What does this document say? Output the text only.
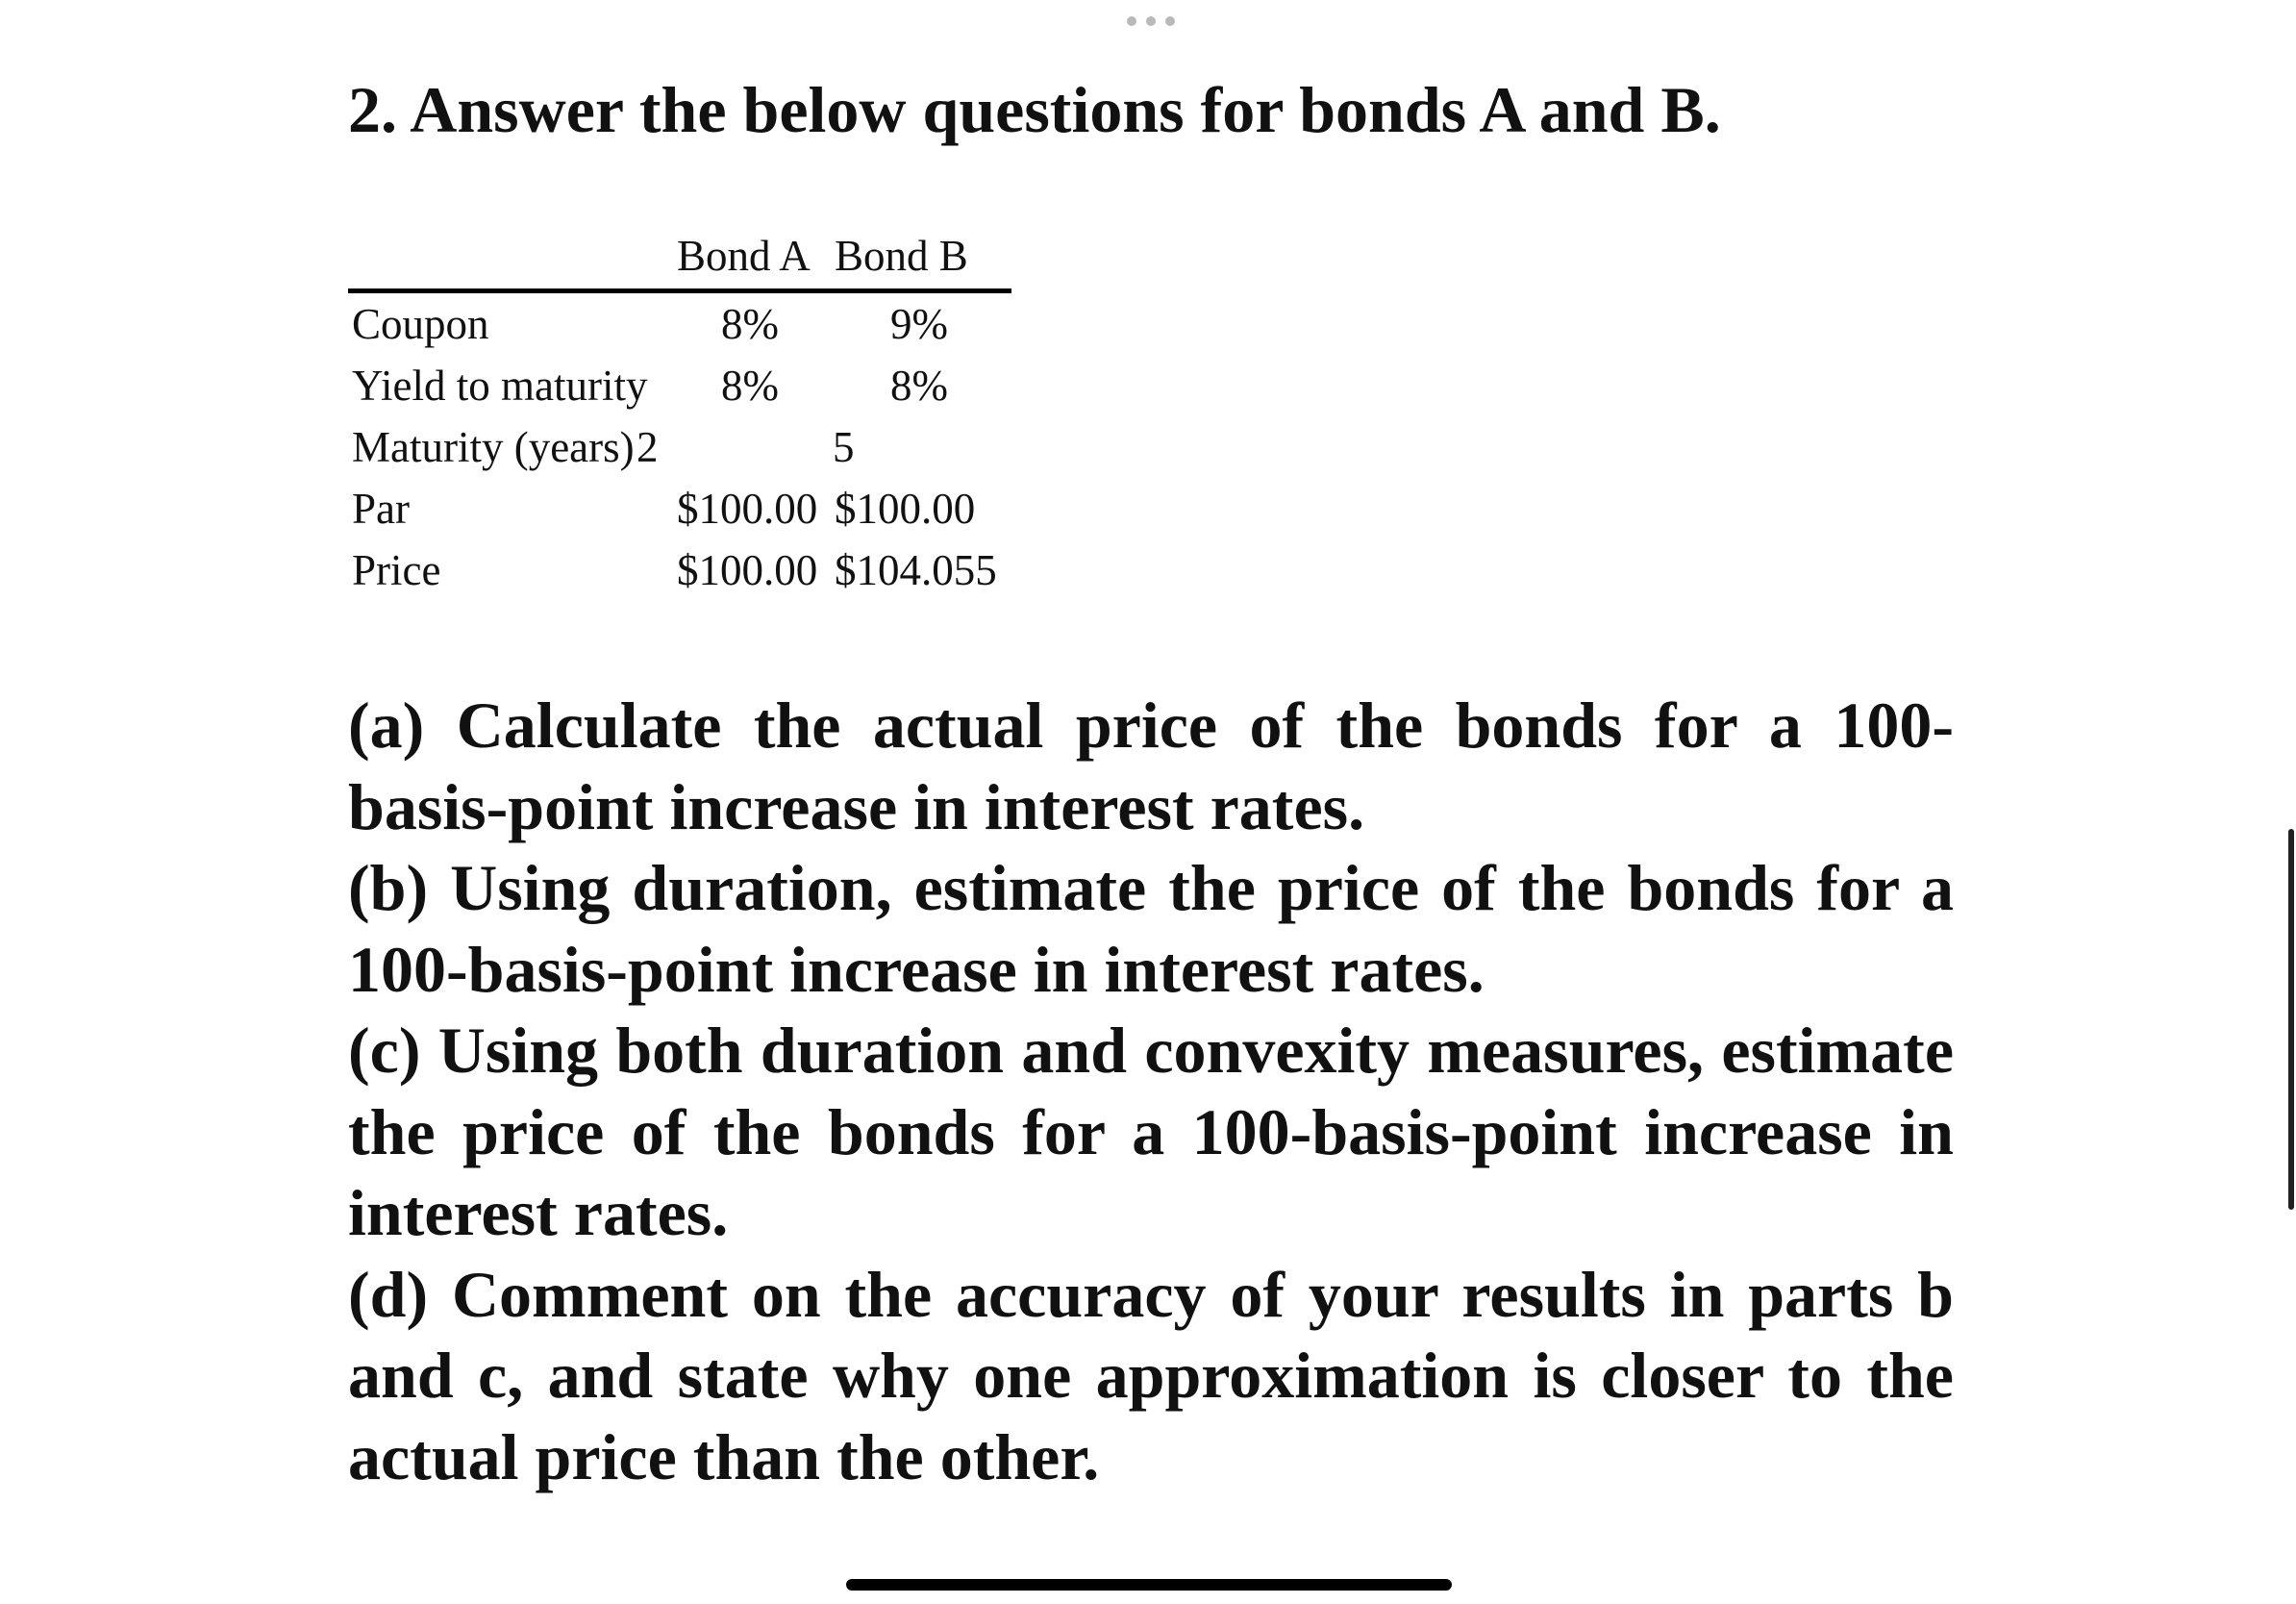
2. Answer the below questions for bonds A and B.
Bond A Bond B
Coupon	8%	9%
Yield to maturity 8%	8%
Maturity (years) 2	5
Par	$100.00 $100.00
Price	$100.00 $104.055

(a) Calculate the actual price of the bonds for a 100-basis-point increase in interest rates.

(b) Using duration, estimate the price of the bonds for a 100-basis-point increase in interest rates.

(c) Using both duration and convexity measures, estimate the price of the bonds for a 100-basis-point increase in interest rates.

(d) Comment on the accuracy of your results in parts b and c, and state why one approximation is closer to the actual price than the other.
